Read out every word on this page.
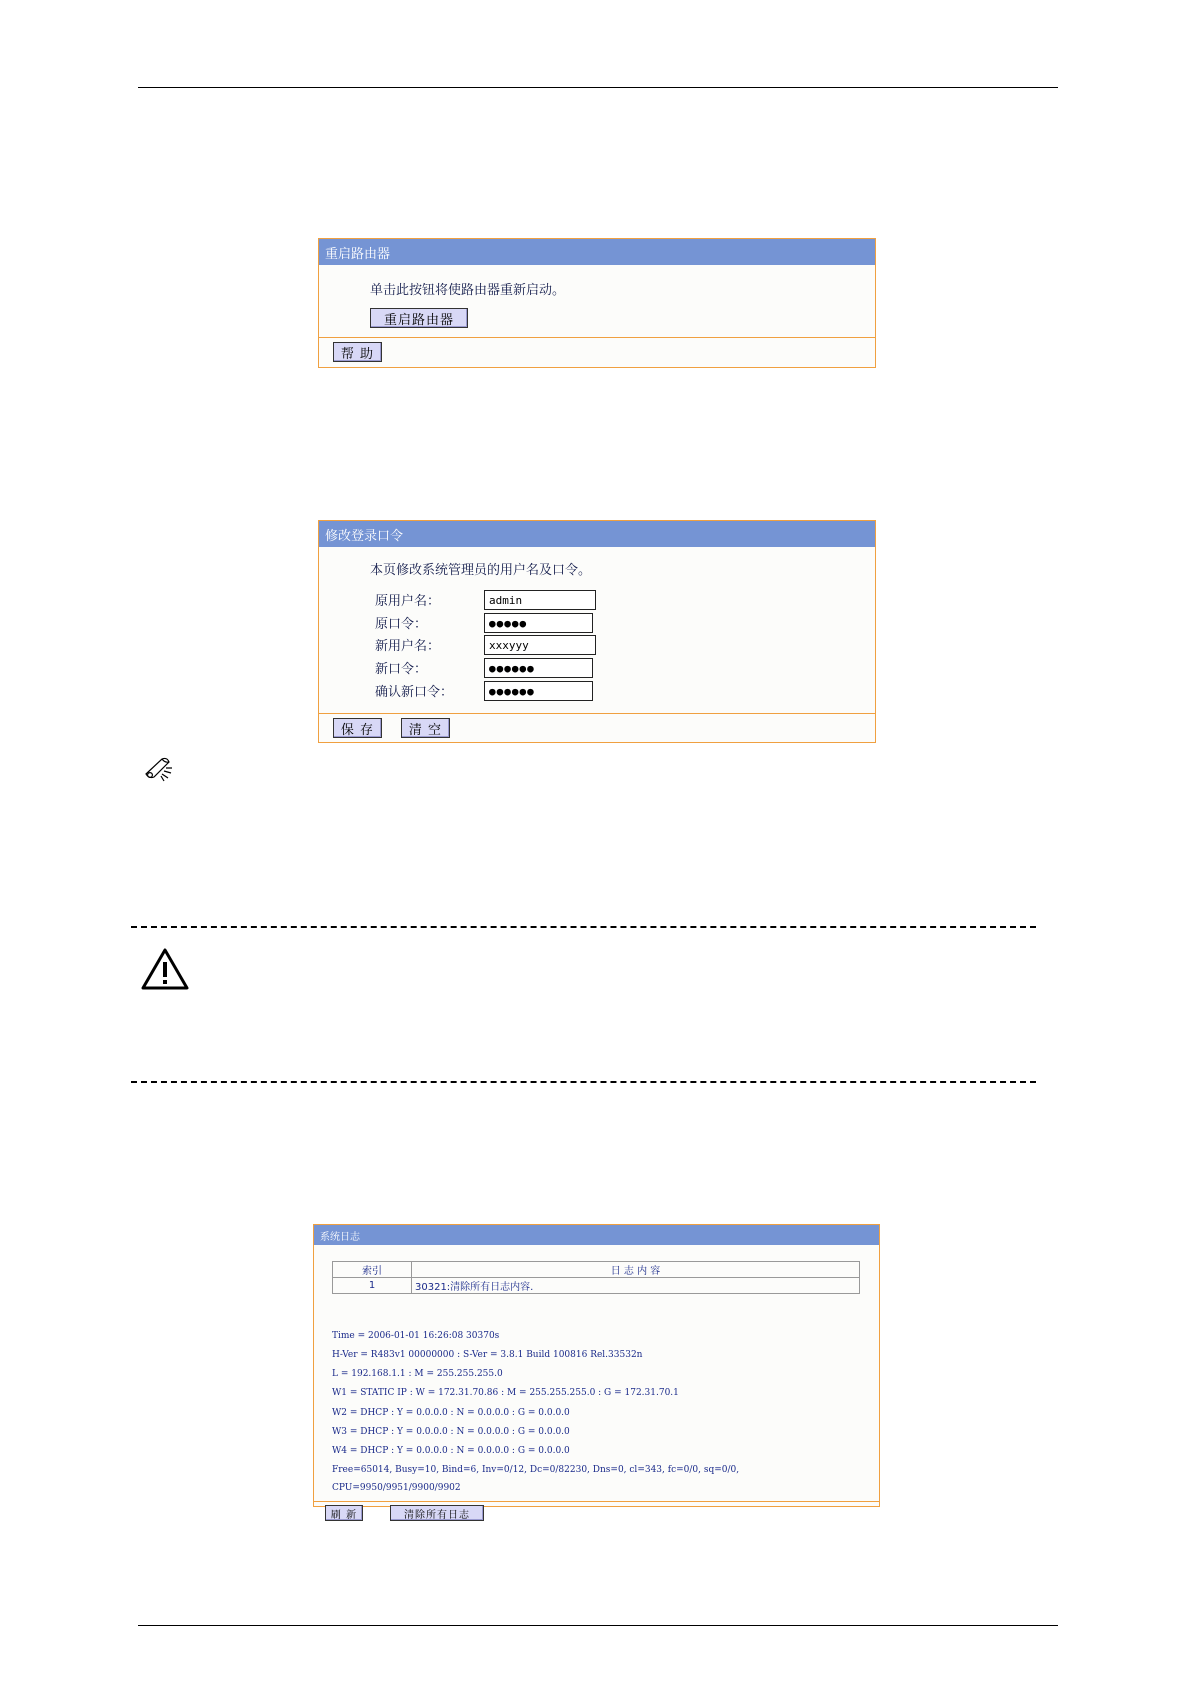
重启路由器
单击此按钮将使路由器重新启动。
重启路由器
帮 助
修改登录口令
本页修改系统管理员的用户名及口令。
原用户名：	admin
原口令：	●●●●●
新用户名：	xxxyyy
新口令：	●●●●●●
确认新口令：	●●●●●●
保 存	清 空
系统日志
索引	日 志 内 容
1	30321:清除所有日志内容.
Time = 2006-01-01 16:26:08 30370s
H-Ver = R483v1 00000000 : S-Ver = 3.8.1 Build 100816 Rel.33532n
L = 192.168.1.1 : M = 255.255.255.0
W1 = STATIC IP : W = 172.31.70.86 : M = 255.255.255.0 : G = 172.31.70.1
W2 = DHCP : Y = 0.0.0.0 : N = 0.0.0.0 : G = 0.0.0.0
W3 = DHCP : Y = 0.0.0.0 : N = 0.0.0.0 : G = 0.0.0.0
W4 = DHCP : Y = 0.0.0.0 : N = 0.0.0.0 : G = 0.0.0.0
Free=65014, Busy=10, Bind=6, Inv=0/12, Dc=0/82230, Dns=0, cl=343, fc=0/0, sq=0/0,
CPU=9950/9951/9900/9902
刷 新	清除所有日志
